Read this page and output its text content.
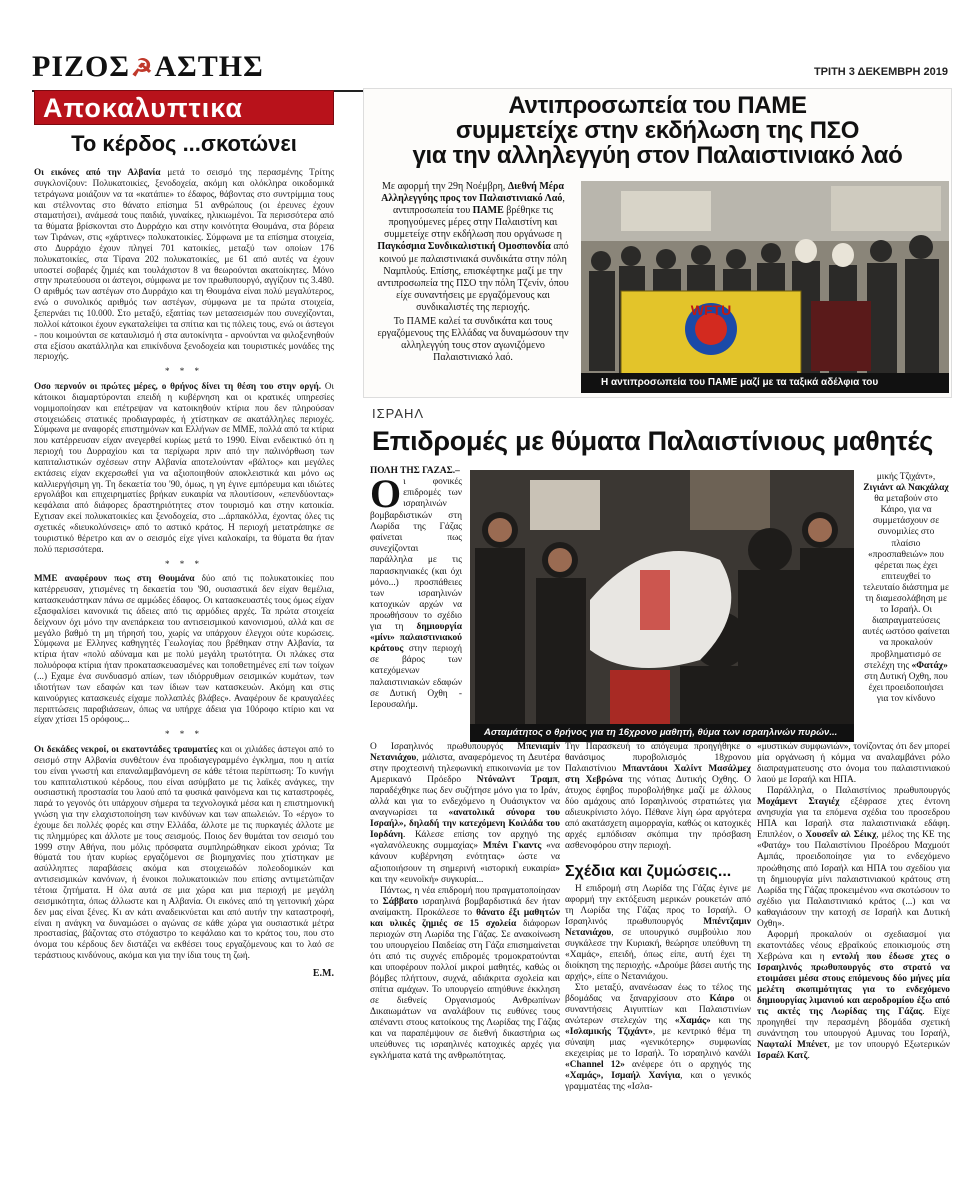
ΡΙΖΟΣ☭ΑΣΤΗΣ	ΤΡΙΤΗ 3 ΔΕΚΕΜΒΡΗ 2019
Αποκαλυπτικα
Το κέρδος ...σκοτώνει

Οι εικόνες από την Αλβανία μετά το σεισμό της περασμένης Τρίτης συγκλονίζουν: Πολυκατοικίες, ξενοδοχεία, ακόμη και ολόκληρα οικοδομικά τετράγωνα μοιάζουν να τα «κατάπιε» το έδαφος, θάβοντας στο συντρίμμια τους και στέλνοντας στο θάνατο επίσημα 51 ανθρώπους (οι έρευνες έχουν σταματήσει), ανάμεσά τους παιδιά, γυναίκες, ηλικιωμένοι. Τα περισσότερα από τα θύματα βρίσκονται στο Δυρράχιο και στην κοινότητα Θουμάνα, στα βόρεια των Τιράνων, στις «χάρτινες» πολυκατοικίες. Σύμφωνα με τα επίσημα στοιχεία, στο Δυρράχιο έχουν πληγεί 701 κατοικίες, μεταξύ των οποίων 176 πολυκατοικίες, στα Τίρανα 202 πολυκατοικίες, με 61 από αυτές να έχουν υποστεί σοβαρές ζημιές και τουλάχιστον 8 να θεωρούνται ακατοίκητες. Μόνο στην πρωτεύουσα οι άστεγοι, σύμφωνα με τον πρωθυπουργό, αγγίζουν τις 3.480. Ο αριθμός των αστέγων στο Δυρράχιο και τη Θουμάνα είναι πολύ μεγαλύτερος, ενώ ο συνολικός αριθμός των αστέγων, σύμφωνα με τα πρώτα στοιχεία, ξεπερνάει τις 10.000. Στο μεταξύ, εξαιτίας των μετασεισμών που συνεχίζονται, πολλοί κάτοικοι έχουν εγκαταλείψει τα σπίτια και τις πόλεις τους, ενώ οι άστεγοι - που κοιμούνται σε καταυλισμό ή στα αυτοκίνητα - αρνούνται να φιλοξενηθούν στα εξίσου ακατάλληλα και επικίνδυνα ξενοδοχεία και τουριστικές μονάδες της περιοχής.

* * *

Οσο περνούν οι πρώτες μέρες, ο θρήνος δίνει τη θέση του στην οργή. Οι κάτοικοι διαμαρτύρονται επειδή η κυβέρνηση και οι κρατικές υπηρεσίες νομιμοποίησαν και επέτρεψαν να κατοικηθούν κτίρια που δεν πληρούσαν στοιχειώδεις στατικές προδιαγραφές, ή χτίστηκαν σε ακατάλληλες περιοχές. Σύμφωνα με αναφορές επιστημόνων και Ελλήνων σε ΜΜΕ, πολλά από τα κτίρια που κατέρρευσαν είχαν ανεγερθεί κυρίως μετά το 1990. Είναι ενδεικτικό ότι η περιοχή του Δυρραχίου και τα περίχωρα πριν από την παλινόρθωση των καπιταλιστικών σχέσεων στην Αλβανία αποτελούνταν «βάλτος» και μεγάλες εκτάσεις είχαν εκχερσωθεί για να αξιοποιηθούν αποκλειστικά και μόνο ως καλλιεργήσιμη γη. Τη δεκαετία του '90, όμως, η γη έγινε εμπόρευμα και ιδιώτες εργολάβοι και επιχειρηματίες βρήκαν ευκαιρία να πλουτίσουν, «επενδύοντας» κεφάλαια από διάφορες δραστηριότητες στον τουρισμό και στην κατοικία. Εχτισαν εκεί πολυκατοικίες και ξενοδοχεία, στο ...άρπακόλλα, έχοντας όλες τις σχετικές «διευκολύνσεις» από το αστικό κράτος. Η περιοχή μετατράπηκε σε τουριστικό θέρετρο και αν ο σεισμός είχε γίνει καλοκαίρι, τα θύματα θα ήταν πολύ περισσότερα.

* * *

ΜΜΕ αναφέρουν πως στη Θουμάνα δύο από τις πολυκατοικίες που κατέρρευσαν, χτισμένες τη δεκαετία του '90, ουσιαστικά δεν είχαν θεμέλια, κατασκευάστηκαν πάνω σε αμμώδες έδαφος. Οι κατασκευαστές τους όμως είχαν εξασφαλίσει κανονικά τις άδειες από τις αρμόδιες αρχές. Τα πρώτα στοιχεία δείχνουν όχι μόνο την ανεπάρκεια του αντισεισμικού κανονισμού, αλλά και σε μεγάλο βαθμό τη μη τήρησή του, χωρίς να υπάρχουν έλεγχοι ούτε κυρώσεις. Σύμφωνα με Ελληνες καθηγητές Γεωλογίας που βρέθηκαν στην Αλβανία, τα κτίρια ήταν «πολύ αδύναμα και με πολύ μεγάλη τρωτότητα. Οι πλάκες στα πολυόροφα κτίρια ήταν προκατασκευασμένες και τοποθετημένες επί των τοίχων (...) Εχαμε ένα συνδυασμό απίων, των ιδιόρρυθμων σεισμικών κυμάτων, των ιδιοτήτων των εδαφών και των ίδιων των κατασκευών. Ακόμη και στις καινούργιες κατασκευές είχαμε πολλαπλές βλάβες». Αναφέρουν δε κραυγαλέες περιπτώσεις παραβιάσεων, όπως να υπήρχε άδεια για 10όροφο κτίριο και να είχαν χτίσει 15 ορόφους...

* * *

Οι δεκάδες νεκροί, οι εκατοντάδες τραυματίες και οι χιλιάδες άστεγοι από το σεισμό στην Αλβανία συνθέτουν ένα προδιαγεγραμμένο έγκλημα, που η αιτία του είναι γνωστή και επαναλαμβανόμενη σε κάθε τέτοια περίπτωση: Το κυνήγι του καπιταλιστικού κέρδους, που είναι ασύμβατο με τις λαϊκές ανάγκες, την ουσιαστική προστασία του λαού από τα φυσικά φαινόμενα και τις καταστροφές, παρά το γεγονός ότι υπάρχουν σήμερα τα τεχνολογικά μέσα και η επιστημονική γνώση για την ελαχιστοποίηση των κινδύνων και των απωλειών. Το «έργο» το έχουμε δει πολλές φορές και στην Ελλάδα, άλλοτε με τις πυρκαγιές άλλοτε με τις πλημμύρες και άλλοτε με τους σεισμούς. Ποιος δεν θυμάται τον σεισμό του 1999 στην Αθήνα, που μόλις πρόσφατα συμπληρώθηκαν είκοσι χρόνια; Τα θύματά του ήταν κυρίως εργαζόμενοι σε βιομηχανίες που χτίστηκαν με ασύλληπτες παραβάσεις ακόμα και στοιχειωδών πολεοδομικών και αντισεισμικών κανόνων, ή ένοικοι πολυκατοικιών που επίσης αντιμετώπιζαν τέτοια ζητήματα. Η όλα αυτά σε μια χώρα και μια περιοχή με μεγάλη σεισμικότητα, όπως άλλωστε και η Αλβανία. Οι εικόνες από τη γειτονική χώρα δεν μας είναι ξένες. Κι αν κάτι αναδεικνύεται και από αυτήν την καταστροφή, είναι η ανάγκη να δυναμώσει ο αγώνας σε κάθε χώρα για ουσιαστικά μέτρα προστασίας, βάζοντας στο στόχαστρο το κεφάλαιο και το κράτος του, που στο όνομα του κέρδους δεν διστάζει να εκθέσει τους εργαζόμενους και το λαό σε τεράστιους κινδύνους, ακόμα και για την ίδια τους τη ζωή.

Ε.Μ.
Αντιπροσωπεία του ΠΑΜΕ
συμμετείχε στην εκδήλωση της ΠΣΟ
για την αλληλεγγύη στον Παλαιστινιακό λαό

Με αφορμή την 29η Νοέμβρη, Διεθνή Μέρα Αλληλεγγύης προς τον Παλαιστινιακό Λαό, αντιπροσωπεία του ΠΑΜΕ βρέθηκε τις προηγούμενες μέρες στην Παλαιστίνη και συμμετείχε στην εκδήλωση που οργάνωσε η Παγκόσμια Συνδικαλιστική Ομοσπονδία από κοινού με παλαιστινιακά συνδικάτα στην πόλη Ναμπλούς. Επίσης, επισκέφτηκε μαζί με την αντιπροσωπεία της ΠΣΟ την πόλη Τζενίν, όπου είχε συναντήσεις με εργαζόμενους και συνδικαλιστές της περιοχής.

Το ΠΑΜΕ καλεί τα συνδικάτα και τους εργαζόμενους της Ελλάδας να δυναμώσουν την αλληλεγγύη τους στον αγωνιζόμενο Παλαιστινιακό λαό.

WFTU
Η αντιπροσωπεία του ΠΑΜΕ μαζί με τα ταξικά αδέλφια του
ΙΣΡΑΗΛ
Επιδρομές με θύματα Παλαιστίνιους μαθητές

ΠΟΛΗ ΤΗΣ ΓΑΖΑΣ.–

Οι φονικές επιδρομές των ισραηλινών βομβαρδιστικών στη Λωρίδα της Γάζας φαίνεται πως συνεχίζονται παράλληλα με τις παρασκηνιακές (και όχι μόνο...) προσπάθειες των ισραηλινών κατοχικών αρχών να προωθήσουν το σχέδιο για τη δημιουργία «μίνι» παλαιστινιακού κράτους στην περιοχή σε βάρος των κατεχόμενων παλαιστινιακών εδαφών σε Δυτική Οχθη - Ιερουσαλήμ.

Ασταμάτητος ο θρήνος για τη 16χρονο μαθητή, θύμα των ισραηλινών πυρών...

μικής Τζιχάντ», Ζιγιάντ αλ Νακχάλαχ θα μεταβούν στο Κάιρο, για να συμμετάσχουν σε συνομιλίες στο πλαίσιο «προσπαθειών» που φέρεται πως έχει επιτευχθεί το τελευταίο διάστημα με τη διαμεσολάβηση με το Ισραήλ. Οι διαπραγματεύσεις αυτές ωστόσο φαίνεται να προκαλούν προβληματισμό σε στελέχη της «Φατάχ» στη Δυτική Οχθη, που έχει προειδοποιήσει για τον κίνδυνο

Ο Ισραηλινός πρωθυπουργός Μπενιαμίν Νετανιάχου, μάλιστα, αναφερόμενος τη Δευτέρα στην προχτεσινή τηλεφωνική επικοινωνία με τον Αμερικανό Πρόεδρο Ντόναλντ Τραμπ, παραδέχθηκε πως δεν συζήτησε μόνο για το Ιράν, αλλά και για το ενδεχόμενο η Ουάσιγκτον να αναγνωρίσει τα «ανατολικά σύνορα του Ισραήλ», δηλαδή την κατεχόμενη Κοιλάδα του Ιορδάνη. Κάλεσε επίσης τον αρχηγό της «γαλανόλευκης συμμαχίας» Μπένι Γκαντς «να κάνουν κυβέρνηση ενότητας» ώστε να αξιοποιήσουν τη σημερινή «ιστορική ευκαιρία» και την «ευνοϊκή» συγκυρία...

Πάντως, η νέα επιδρομή που πραγματοποίησαν το Σάββατο ισραηλινά βομβαρδιστικά δεν ήταν αναίμακτη. Προκάλεσε το θάνατο έξι μαθητών και υλικές ζημιές σε 15 σχολεία διάφορων περιοχών στη Λωρίδα της Γάζας. Σε ανακοίνωση του υπουργείου Παιδείας στη Γάζα επισημαίνεται ότι από τις συχνές επιδρομές τρομοκρατούνται και υποφέρουν πολλοί μικροί μαθητές, καθώς οι βόμβες πλήττουν, συχνά, αδιάκριτα σχολεία και σπίτια αμάχων. Το υπουργείο απηύθυνε έκκληση σε διεθνείς Οργανισμούς Ανθρωπίνων Δικαιωμάτων να αναλάβουν τις ευθύνες τους απέναντι στους κατοίκους της Λωρίδας της Γάζας και να παραπέμψουν σε διεθνή δικαστήρια ως υπεύθυνες τις ισραηλινές κατοχικές αρχές για εγκλήματα κατά της ανθρωπότητας.

Την Παρασκευή το απόγευμα προηγήθηκε ο θανάσιμος πυροβολισμός 18χρονου Παλαιστίνιου Μπαντάουι Χαλίντ Μασάλμεχ στη Χεβρώνα της νότιας Δυτικής Οχθης. Ο άτυχος έφηβος πυροβολήθηκε μαζί με άλλους δύο αμάχους από Ισραηλινούς στρατιώτες για αδιευκρίνιστο λόγο. Πέθανε λίγη ώρα αργότερα από ακατάσχετη αιμορραγία, καθώς οι κατοχικές αρχές εμπόδισαν σκόπιμα την πρόσβαση ασθενοφόρου στην περιοχή.

Σχέδια και ζυμώσεις...

Η επιδρομή στη Λωρίδα της Γάζας έγινε με αφορμή την εκτόξευση μερικών ρουκετών από τη Λωρίδα της Γάζας προς το Ισραήλ. Ο Ισραηλινός πρωθυπουργός Μπέντζαμιν Νετανιάχου, σε υπουργικό συμβούλιο που συγκάλεσε την Κυριακή, θεώρησε υπεύθυνη τη «Χαμάς», επειδή, όπως είπε, αυτή έχει τη διοίκηση της περιοχής. «Δρούμε βάσει αυτής της αρχής», είπε ο Νετανιάχου.

Στο μεταξύ, ανανέωσαν έως το τέλος της βδομάδας να ξαναρχίσουν στο Κάιρο οι συναντήσεις Αιγυπτίων και Παλαιστινίων ανώτερων στελεχών της «Χαμάς» και της «Ισλαμικής Τζιχάντ», με κεντρικό θέμα τη σύναψη μιας «γενικότερης» συμφωνίας εκεχειρίας με το Ισραήλ. Το ισραηλινό κανάλι «Channel 12» ανέφερε ότι ο αρχηγός της «Χαμάς», Ισμαήλ Χανίγια, και ο γενικός γραμματέας της «Ισλα-

«μυστικών συμφωνιών», τονίζοντας ότι δεν μπορεί μία οργάνωση ή κόμμα να αναλαμβάνει ρόλο διαπραγματευσης στο όνομα του παλαιστινιακού λαού με Ισραήλ και ΗΠΑ.

Παράλληλα, ο Παλαιστίνιος πρωθυπουργός Μοχάμεντ Σταγιέχ εξέφρασε χτες έντονη ανησυχία για τα επόμενα σχέδια του προσεδρου ΗΠΑ και Ισραήλ στα παλαιστινιακά εδάφη. Επιπλέον, ο Χουσεΐν αλ Σέικχ, μέλος της ΚΕ της «Φατάχ» του Παλαιστίνιου Προέδρου Μαχμούτ Αμπάς, προειδοποίησε για το ενδεχόμενο προώθησης από Ισραήλ και ΗΠΑ του σχεδίου για τη δημιουργία μίνι παλαιστινιακού κράτους στη Λωρίδα της Γάζας προκειμένου «να σκοτώσουν το σχέδιο για Παλαιστινιακό κράτος (...) και να καθαγιάσουν την κατοχή σε Ισραήλ και Δυτική Οχθη».

Αφορμή προκαλούν οι σχεδιασμοί για εκατοντάδες νέους εβραϊκούς εποικισμούς στη Χεβρώνα και η εντολή που έδωσε χτες ο Ισραηλινός πρωθυπουργός στο στρατό να ετοιμάσει μέσα στους επόμενους δύο μήνες μία μελέτη σκοπιμότητας για το ενδεχόμενο δημιουργίας λιμανιού και αεροδρομίου έξω από τις ακτές της Λωρίδας της Γάζας. Είχε προηγηθεί την περασμένη βδομάδα σχετική συνάντηση του υπουργού Αμυνας του Ισραήλ, Ναφταλί Μπένετ, με τον υπουργό Εξωτερικών Ισραέλ Κατζ.
